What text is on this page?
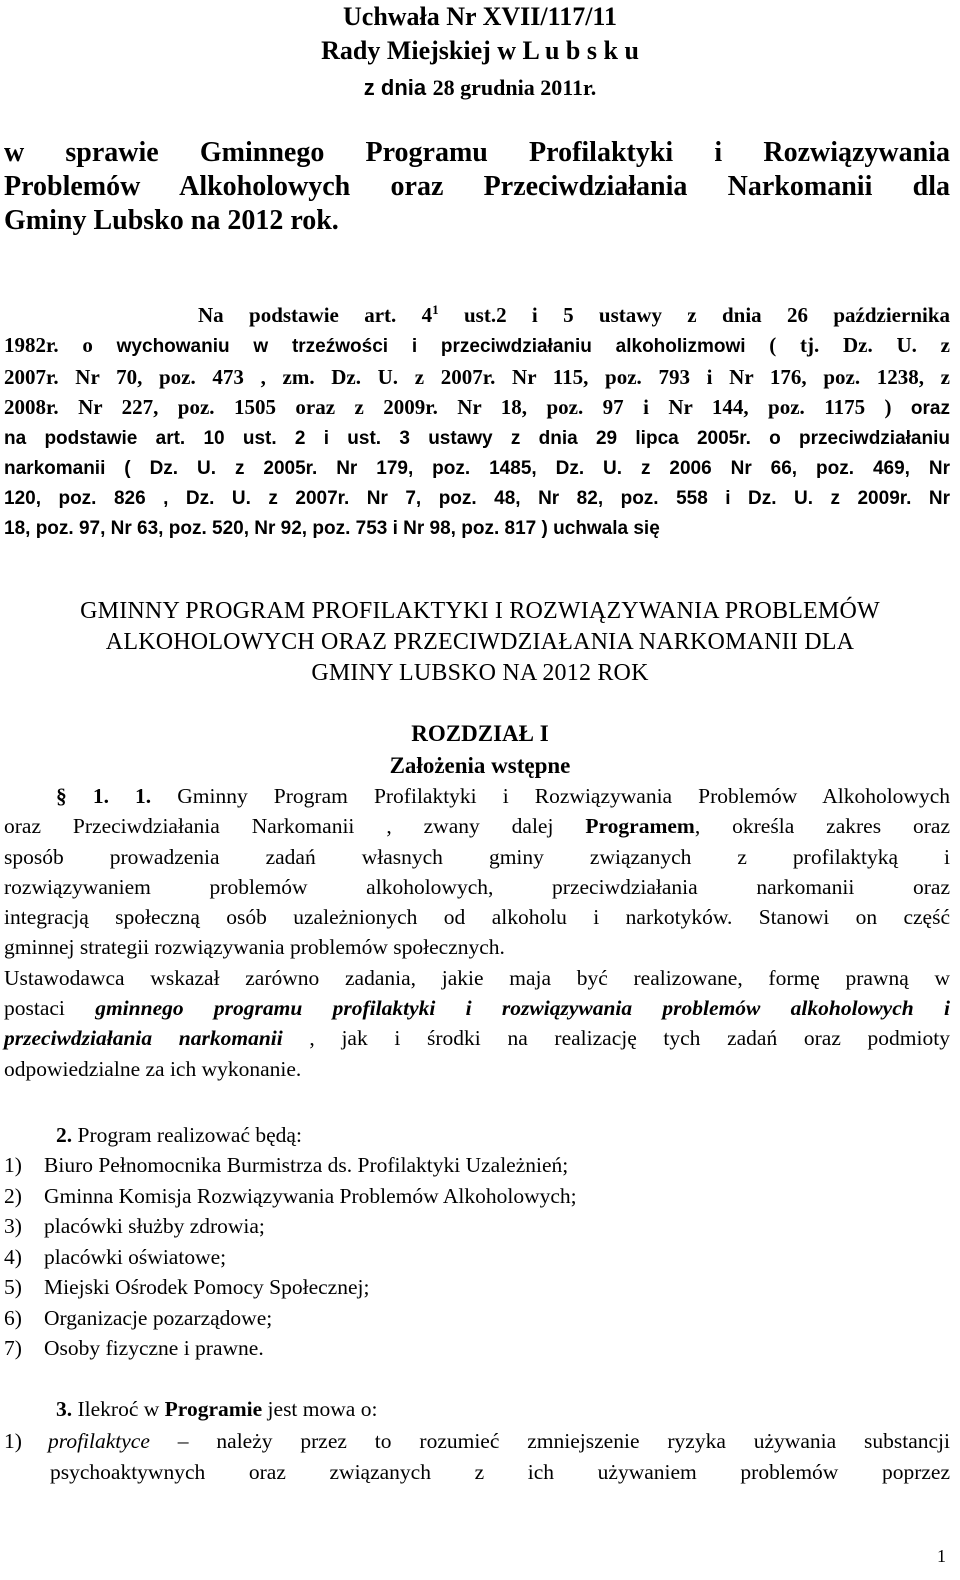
Uchwała Nr XVII/117/11
Rady Miejskiej w L u b s k u
z dnia 28 grudnia 2011r.
w sprawie Gminnego Programu Profilaktyki i Rozwiązywania
Problemów Alkoholowych oraz Przeciwdziałania Narkomanii dla
Gminy Lubsko na 2012 rok.
Na podstawie art. $4^1$ ust.2 i 5 ustawy z dnia 26 października
1982r. o wychowaniu w trzeźwości i przeciwdziałaniu alkoholizmowi ( tj. Dz. U. z
2007r. Nr 70, poz. 473 , zm. Dz. U. z 2007r. Nr 115, poz. 793 i Nr 176, poz. 1238, z
2008r. Nr 227, poz. 1505 oraz z 2009r. Nr 18, poz. 97 i Nr 144, poz. 1175 ) oraz
na podstawie art. 10 ust. 2 i ust. 3 ustawy z dnia 29 lipca 2005r. o przeciwdziałaniu
narkomanii ( Dz. U. z 2005r. Nr 179, poz. 1485, Dz. U. z 2006 Nr 66, poz. 469, Nr
120, poz. 826 , Dz. U. z 2007r. Nr 7, poz. 48, Nr 82, poz. 558 i Dz. U. z 2009r. Nr
18, poz. 97, Nr 63, poz. 520, Nr 92, poz. 753 i Nr 98, poz. 817 ) uchwala się
GMINNY PROGRAM PROFILAKTYKI I ROZWIĄZYWANIA PROBLEMÓW
ALKOHOLOWYCH ORAZ PRZECIWDZIAŁANIA NARKOMANII DLA
GMINY LUBSKO NA 2012 ROK
ROZDZIAŁ I
Założenia wstępne
§ 1. 1. Gminny Program Profilaktyki i Rozwiązywania Problemów Alkoholowych
oraz Przeciwdziałania Narkomanii , zwany dalej Programem, określa zakres oraz
sposób prowadzenia zadań własnych gminy związanych z profilaktyką i
rozwiązywaniem problemów alkoholowych, przeciwdziałania narkomanii oraz
integracją społeczną osób uzależnionych od alkoholu i narkotyków. Stanowi on część
gminnej strategii rozwiązywania problemów społecznych.
Ustawodawca wskazał zarówno zadania, jakie maja być realizowane, formę prawną w
postaci gminnego programu profilaktyki i rozwiązywania problemów alkoholowych i
przeciwdziałania narkomanii , jak i środki na realizację tych zadań oraz podmioty
odpowiedzialne za ich wykonanie.
2. Program realizować będą:
1) Biuro Pełnomocnika Burmistrza ds. Profilaktyki Uzależnień;
2) Gminna Komisja Rozwiązywania Problemów Alkoholowych;
3) placówki służby zdrowia;
4) placówki oświatowe;
5) Miejski Ośrodek Pomocy Społecznej;
6) Organizacje pozarządowe;
7) Osoby fizyczne i prawne.
3. Ilekroć w Programie jest mowa o:
1) profilaktyce – należy przez to rozumieć zmniejszenie ryzyka używania substancji
psychoaktywnych oraz związanych z ich używaniem problemów poprzez
1
